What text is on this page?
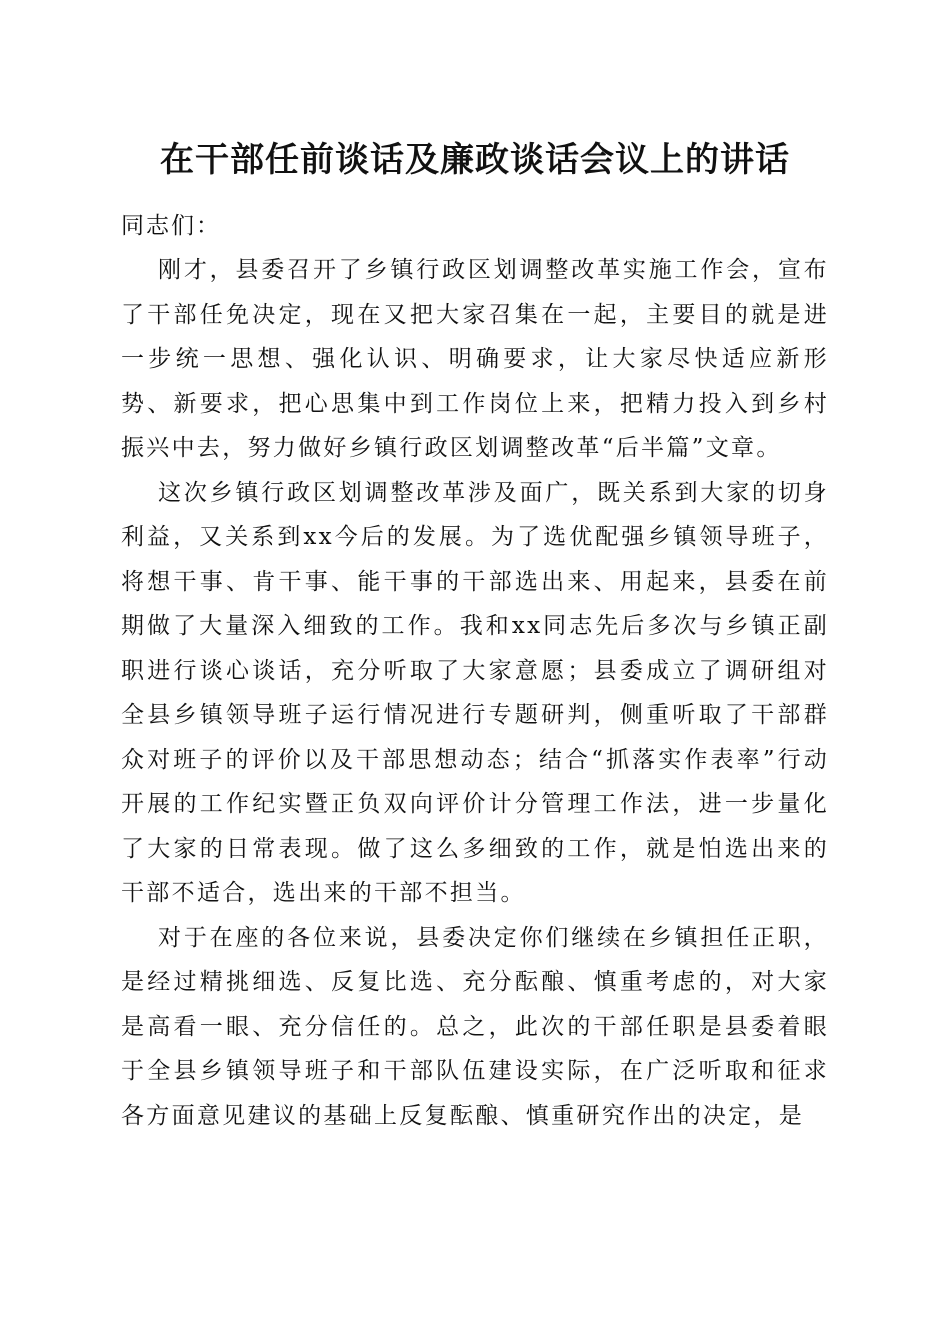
在干部任前谈话及廉政谈话会议上的讲话

同志们：

刚才，县委召开了乡镇行政区划调整改革实施工作会，宣布了干部任免决定，现在又把大家召集在一起，主要目的就是进一步统一思想、强化认识、明确要求，让大家尽快适应新形势、新要求，把心思集中到工作岗位上来，把精力投入到乡村振兴中去，努力做好乡镇行政区划调整改革“后半篇”文章。

这次乡镇行政区划调整改革涉及面广，既关系到大家的切身利益，又关系到xx今后的发展。为了选优配强乡镇领导班子，将想干事、肯干事、能干事的干部选出来、用起来，县委在前期做了大量深入细致的工作。我和xx同志先后多次与乡镇正副职进行谈心谈话，充分听取了大家意愿；县委成立了调研组对全县乡镇领导班子运行情况进行专题研判，侧重听取了干部群众对班子的评价以及干部思想动态；结合“抓落实作表率”行动开展的工作纪实暨正负双向评价计分管理工作法，进一步量化了大家的日常表现。做了这么多细致的工作，就是怕选出来的干部不适合，选出来的干部不担当。

对于在座的各位来说，县委决定你们继续在乡镇担任正职，是经过精挑细选、反复比选、充分酝酿、慎重考虑的，对大家是高看一眼、充分信任的。总之，此次的干部任职是县委着眼于全县乡镇领导班子和干部队伍建设实际，在广泛听取和征求各方面意见建议的基础上反复酝酿、慎重研究作出的决定，是
